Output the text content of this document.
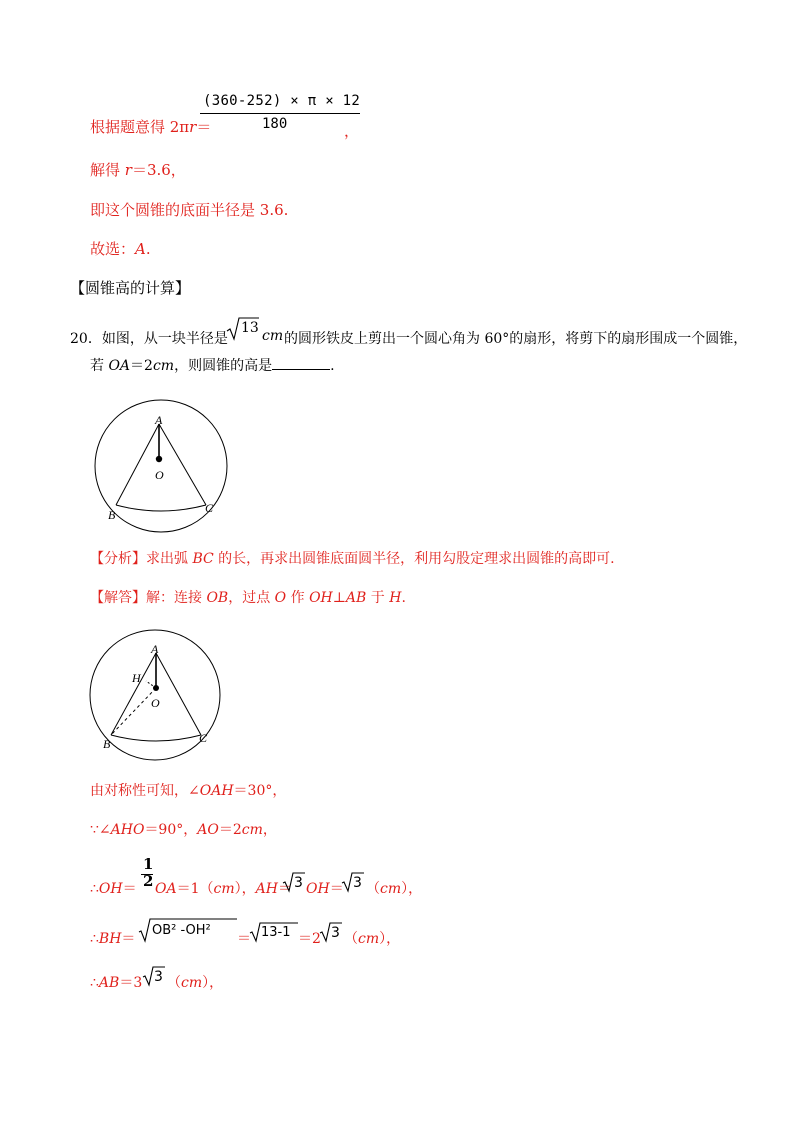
根据题意得 2πr＝
(360-252) × π × 12
180	，
解得 r＝3.6，
即这个圆锥的底面半径是 3.6.
故选：A.
【圆锥高的计算】
20．如图，从一块半径是
13 cm 的圆形铁皮上剪出一个圆心角为 60°的扇形，将剪下的扇形围成一个圆锥，
若 OA＝2cm，则圆锥的高是	.
A
O
B	C
【分析】求出弧 BC 的长，再求出圆锥底面圆半径，利用勾股定理求出圆锥的高即可.
【解答】解：连接 OB，过点 O 作 OH⊥AB 于 H.
A
H
O
B	C
由对称性可知，∠OAH＝30°，
∵∠AHO＝90°，AO＝2cm，
∴OH＝
1
2 OA＝1（cm），AH＝ 3 OH＝ 3 （cm），
∴BH＝
OB² -OH²
＝ 13-1 ＝2 3 （cm），
∴AB＝3 3 （cm），
